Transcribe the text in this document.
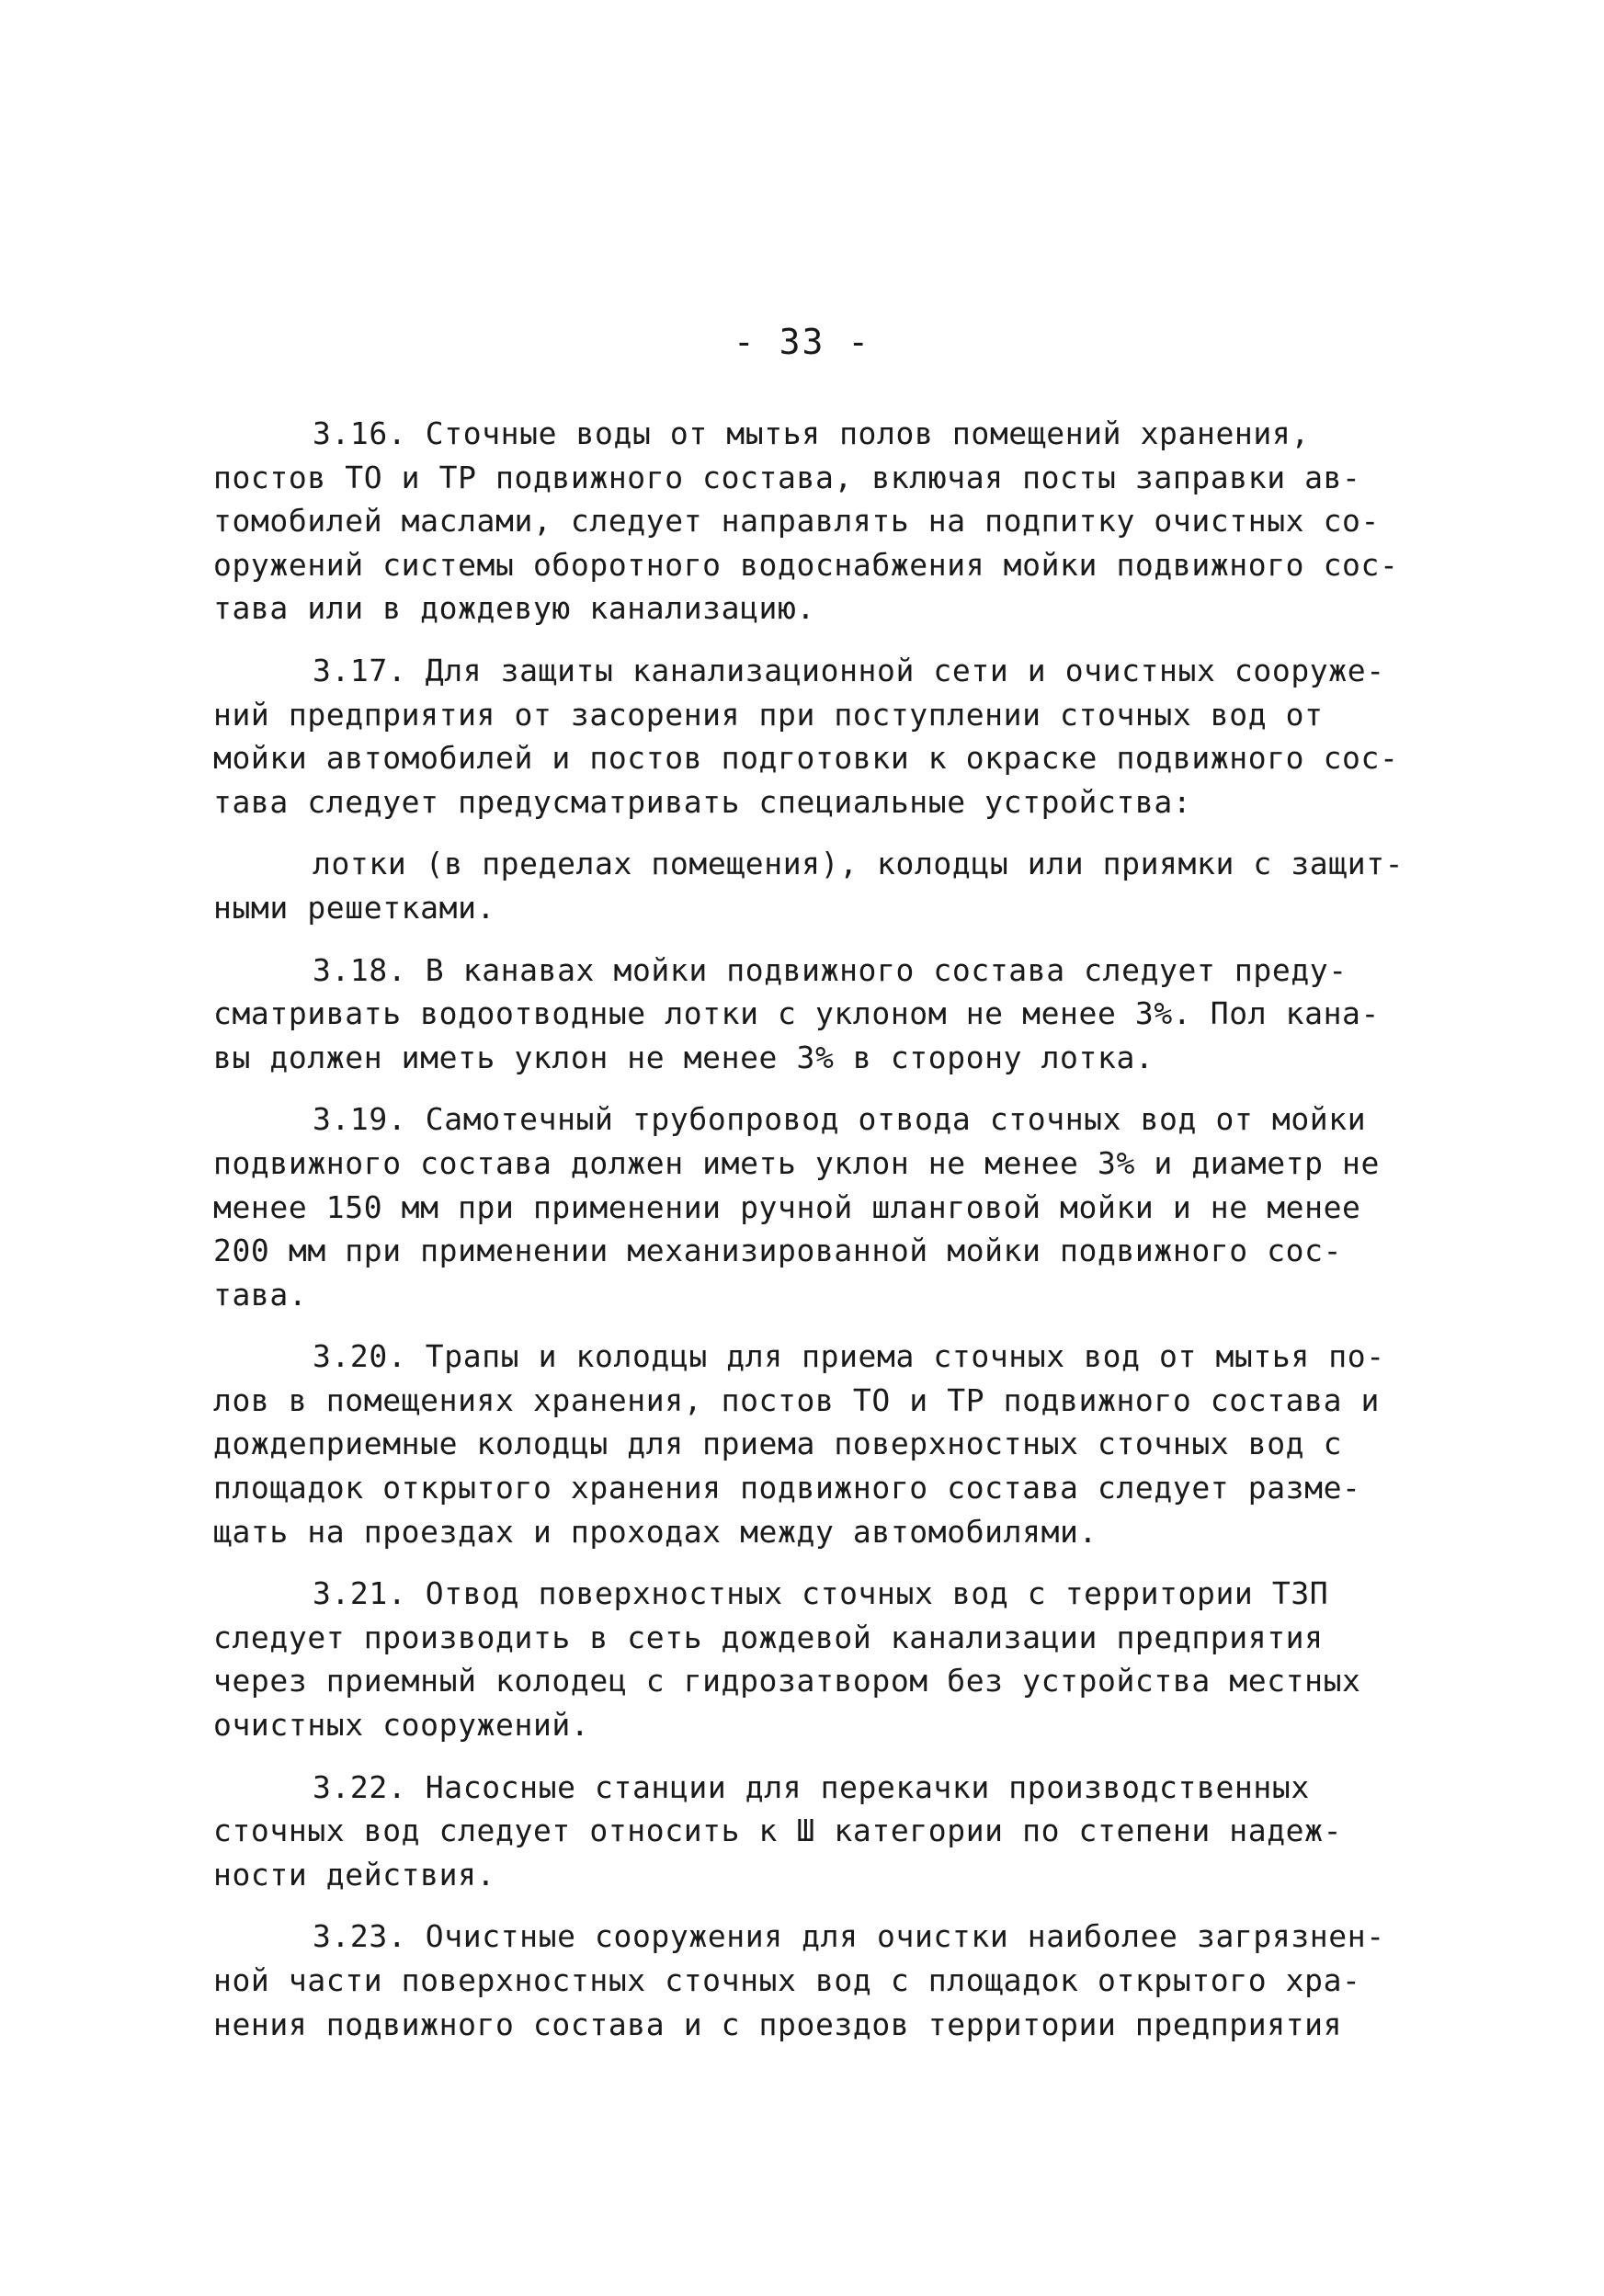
- 33 -
3.16. Сточные воды от мытья полов помещений хранения,
постов ТО и ТР подвижного состава, включая посты заправки ав-
томобилей маслами, следует направлять на подпитку очистных со-
оружений системы оборотного водоснабжения мойки подвижного сос-
тава или в дождевую канализацию.
3.17. Для защиты канализационной сети и очистных сооруже-
ний предприятия от засорения при поступлении сточных вод от
мойки автомобилей и постов подготовки к окраске подвижного сос-
тава следует предусматривать специальные устройства:
лотки (в пределах помещения), колодцы или приямки с защит-
ными решетками.
3.18. В канавах мойки подвижного состава следует преду-
сматривать водоотводные лотки с уклоном не менее 3%. Пол кана-
вы должен иметь уклон не менее 3% в сторону лотка.
3.19. Самотечный трубопровод отвода сточных вод от мойки
подвижного состава должен иметь уклон не менее 3% и диаметр не
менее 150 мм при применении ручной шланговой мойки и не менее
200 мм при применении механизированной мойки подвижного сос-
тава.
3.20. Трапы и колодцы для приема сточных вод от мытья по-
лов в помещениях хранения, постов ТО и ТР подвижного состава и
дождеприемные колодцы для приема поверхностных сточных вод с
площадок открытого хранения подвижного состава следует разме-
щать на проездах и проходах между автомобилями.
3.21. Отвод поверхностных сточных вод с территории ТЗП
следует производить в сеть дождевой канализации предприятия
через приемный колодец с гидрозатвором без устройства местных
очистных сооружений.
3.22. Насосные станции для перекачки производственных
сточных вод следует относить к Ш категории по степени надеж-
ности действия.
3.23. Очистные сооружения для очистки наиболее загрязнен-
ной части поверхностных сточных вод с площадок открытого хра-
нения подвижного состава и с проездов территории предприятия
